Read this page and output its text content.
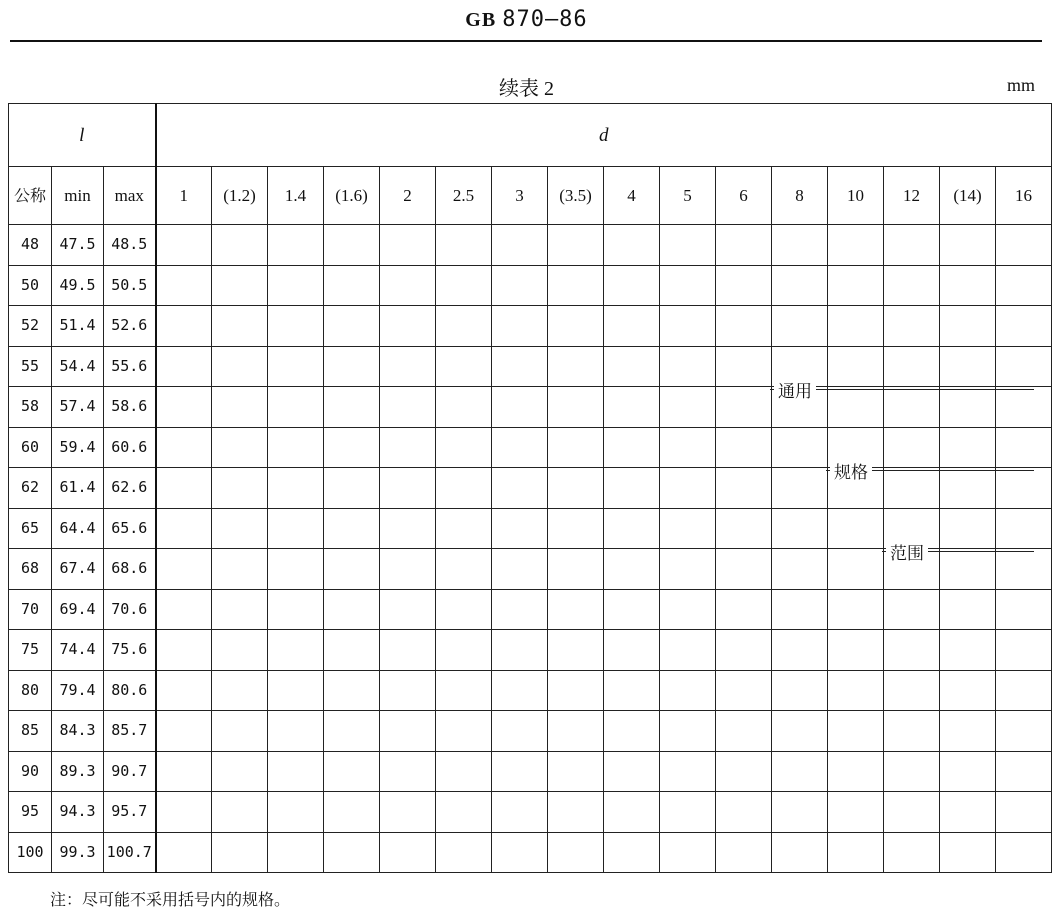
GB 870—86
续表 2	mm
l			d															
公称	min	max	1	(1.2)	1.4	(1.6)	2	2.5	3	(3.5)	4	5	6	8	10	12	(14)	16
48	47.5	48.5																
50	49.5	50.5																
52	51.4	52.6																
55	54.4	55.6																
58	57.4	58.6																
60	59.4	60.6																
62	61.4	62.6																
65	64.4	65.6																
68	67.4	68.6																
70	69.4	70.6																
75	74.4	75.6																
80	79.4	80.6																
85	84.3	85.7																
90	89.3	90.7																
95	94.3	95.7																
100	99.3	100.7																
通用
规格
范围
注：尽可能不采用括号内的规格。
